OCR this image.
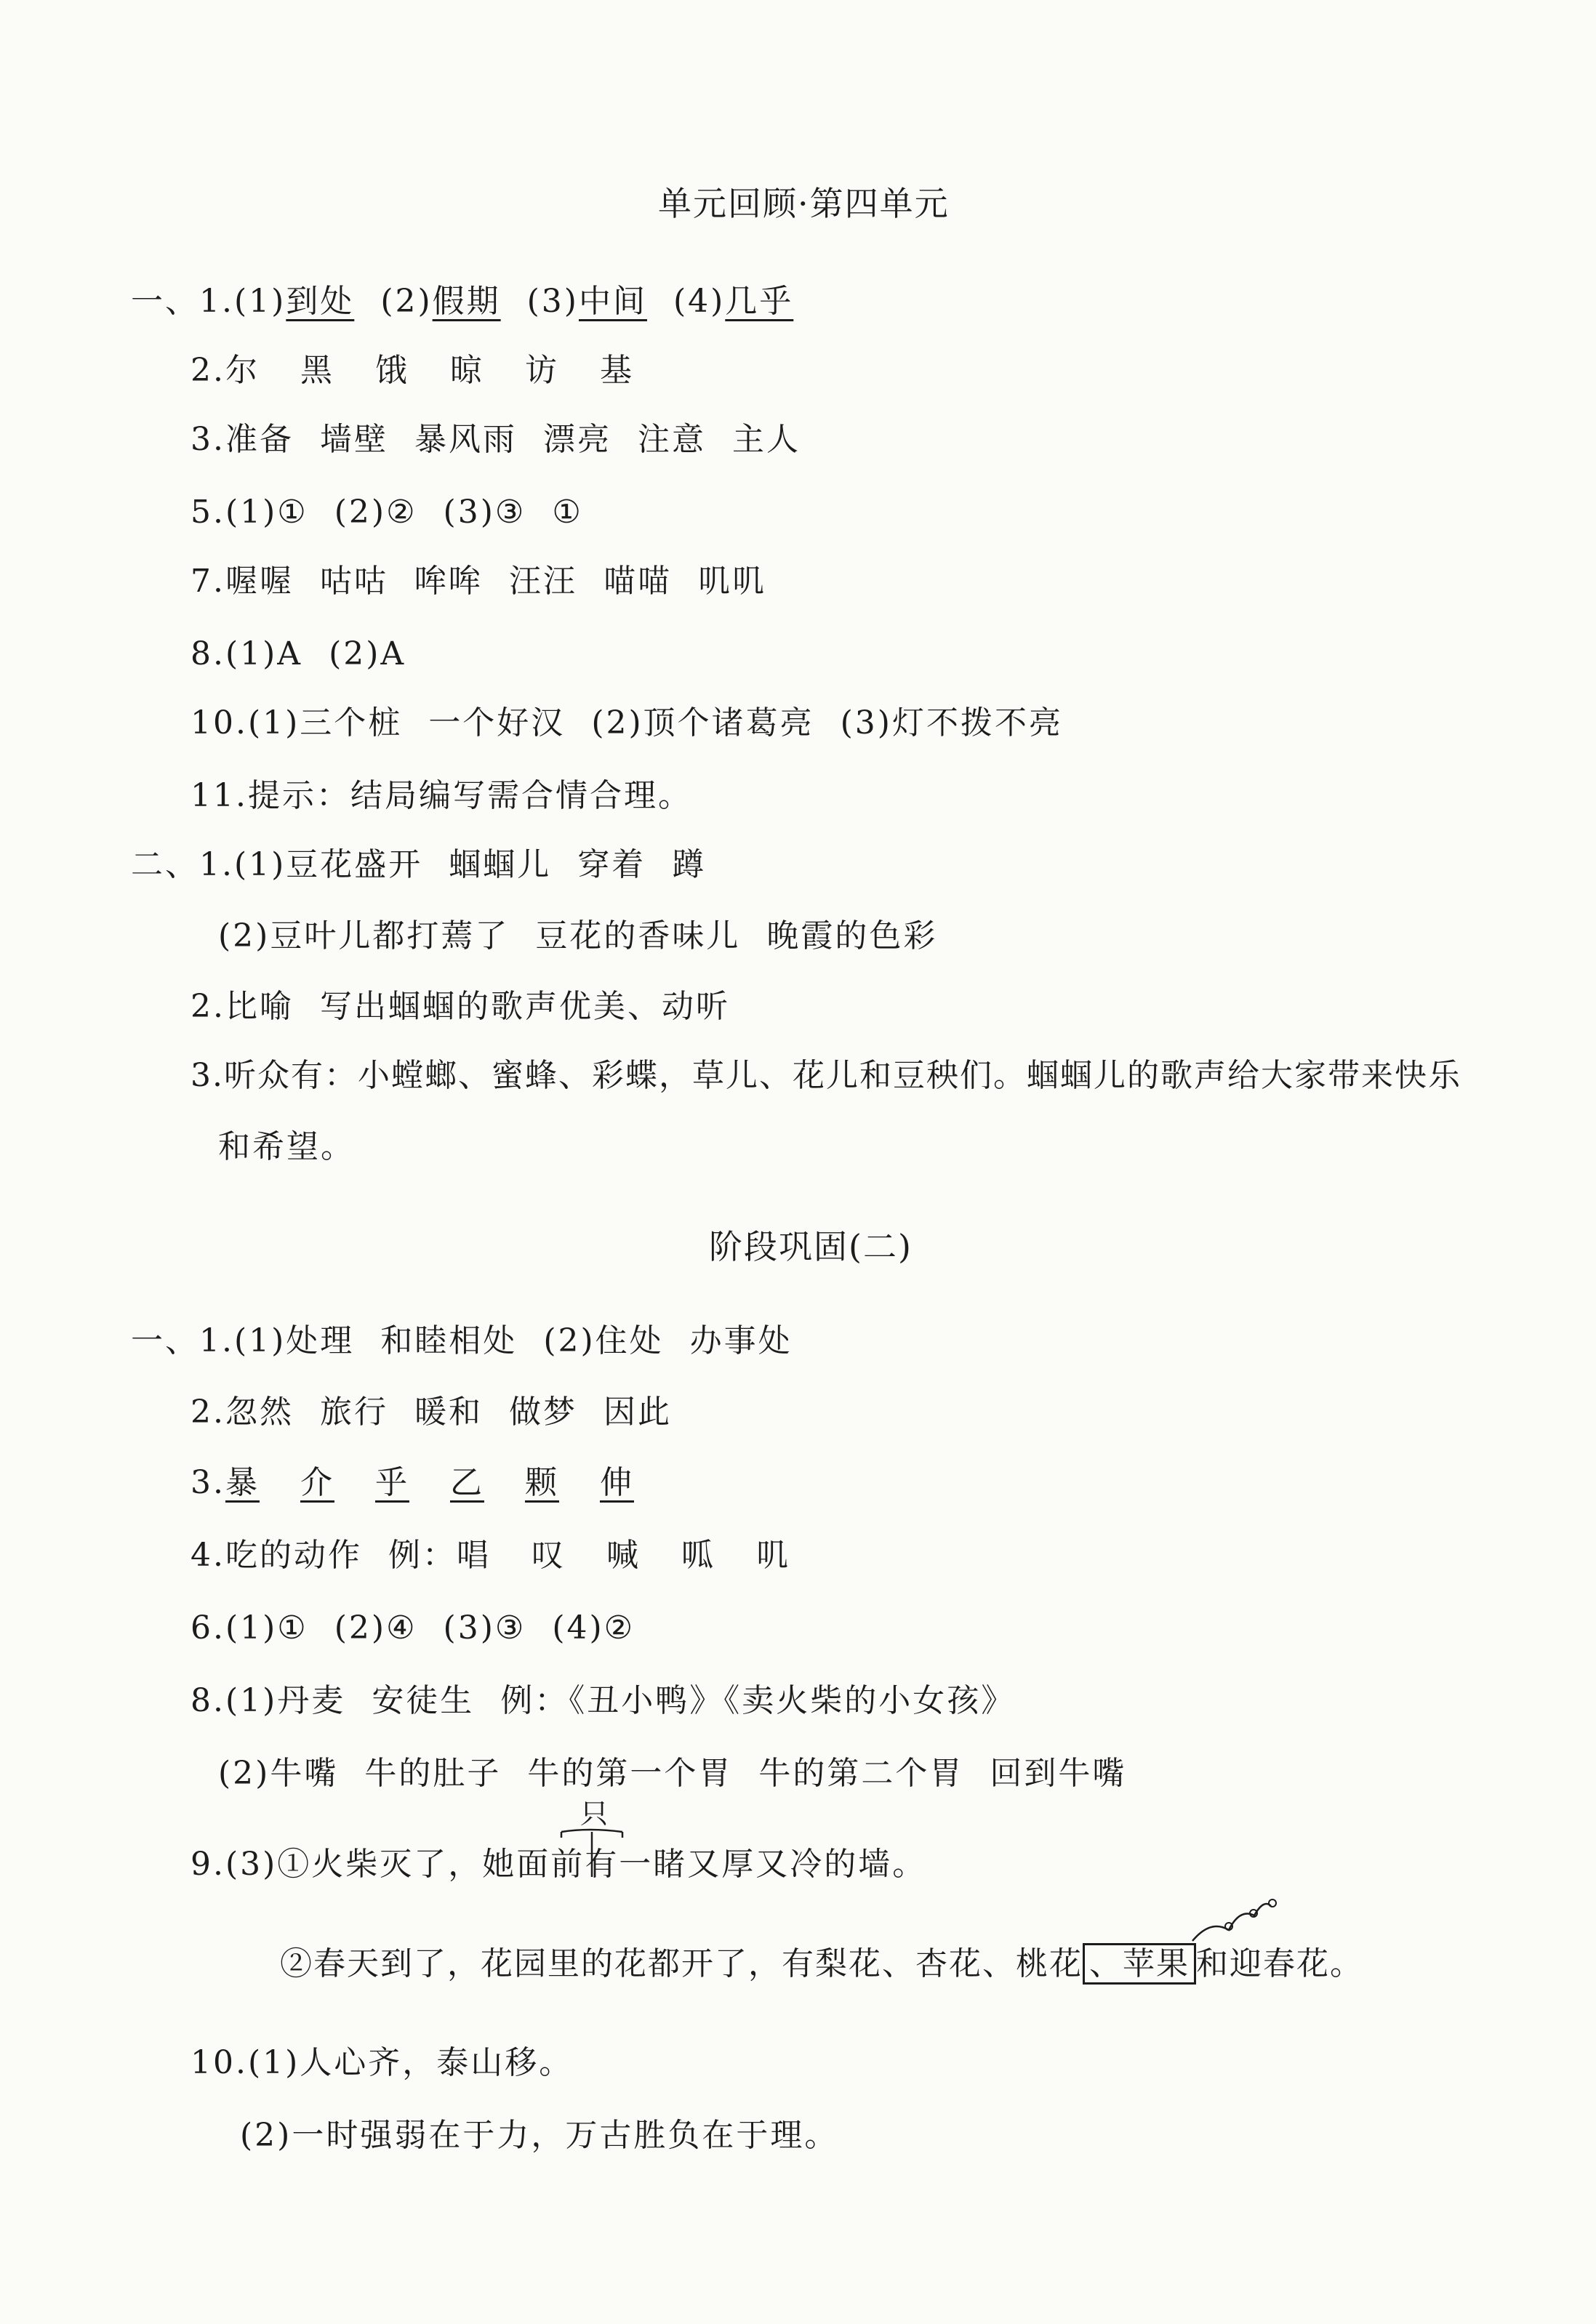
单元回顾·第四单元
一、1.(1)到处 (2)假期 (3)中间 (4)几乎
2.尔 黑 饿 晾 访 基
3.准备 墙壁 暴风雨 漂亮 注意 主人
5.(1)① (2)② (3)③ ①
7.喔喔 咕咕 哞哞 汪汪 喵喵 叽叽
8.(1)A (2)A
10.(1)三个桩 一个好汉 (2)顶个诸葛亮 (3)灯不拨不亮
11.提示：结局编写需合情合理。
二、1.(1)豆花盛开 蝈蝈儿 穿着 蹲
(2)豆叶儿都打蔫了 豆花的香味儿 晚霞的色彩
2.比喻 写出蝈蝈的歌声优美、动听
3.听众有：小螳螂、蜜蜂、彩蝶，草儿、花儿和豆秧们。蝈蝈儿的歌声给大家带来快乐
和希望。
阶段巩固(二)
一、1.(1)处理 和睦相处 (2)住处 办事处
2.忽然 旅行 暖和 做梦 因此
3.暴 介 乎 乙 颗 伸
4.吃的动作 例：唱 叹 喊 呱 叽
6.(1)① (2)④ (3)③ (4)②
8.(1)丹麦 安徒生 例：《丑小鸭》《卖火柴的小女孩》
(2)牛嘴 牛的肚子 牛的第一个胃 牛的第二个胃 回到牛嘴
只
9.(3)①火柴灭了，她面前有一睹又厚又冷的墙。
②春天到了，花园里的花都开了，有梨花、杏花、桃花 、苹果 和迎春花。
10.(1)人心齐，泰山移。
(2)一时强弱在于力，万古胜负在于理。
